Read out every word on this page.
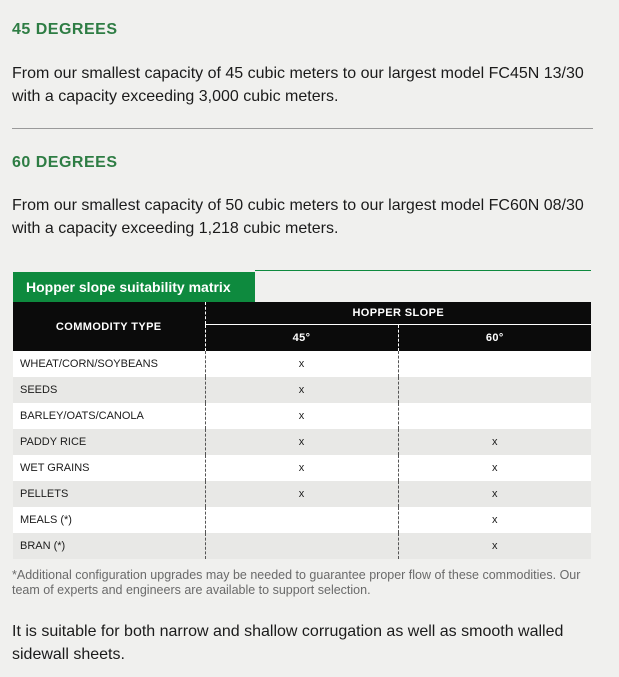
45 DEGREES

From our smallest capacity of 45 cubic meters to our largest model FC45N 13/30 with a capacity exceeding 3,000 cubic meters.

60 DEGREES

From our smallest capacity of 50 cubic meters to our largest model FC60N 08/30 with a capacity exceeding 1,218 cubic meters.

Hopper slope suitability matrix
COMMODITY TYPE	HOPPER SLOPE	
	45°	60°
WHEAT/CORN/SOYBEANS	x	
SEEDS	x	
BARLEY/OATS/CANOLA	x	
PADDY RICE	x	x
WET GRAINS	x	x
PELLETS	x	x
MEALS (*)		x
BRAN (*)		x

*Additional configuration upgrades may be needed to guarantee proper flow of these commodities. Our team of experts and engineers are available to support selection.

It is suitable for both narrow and shallow corrugation as well as smooth walled sidewall sheets.
